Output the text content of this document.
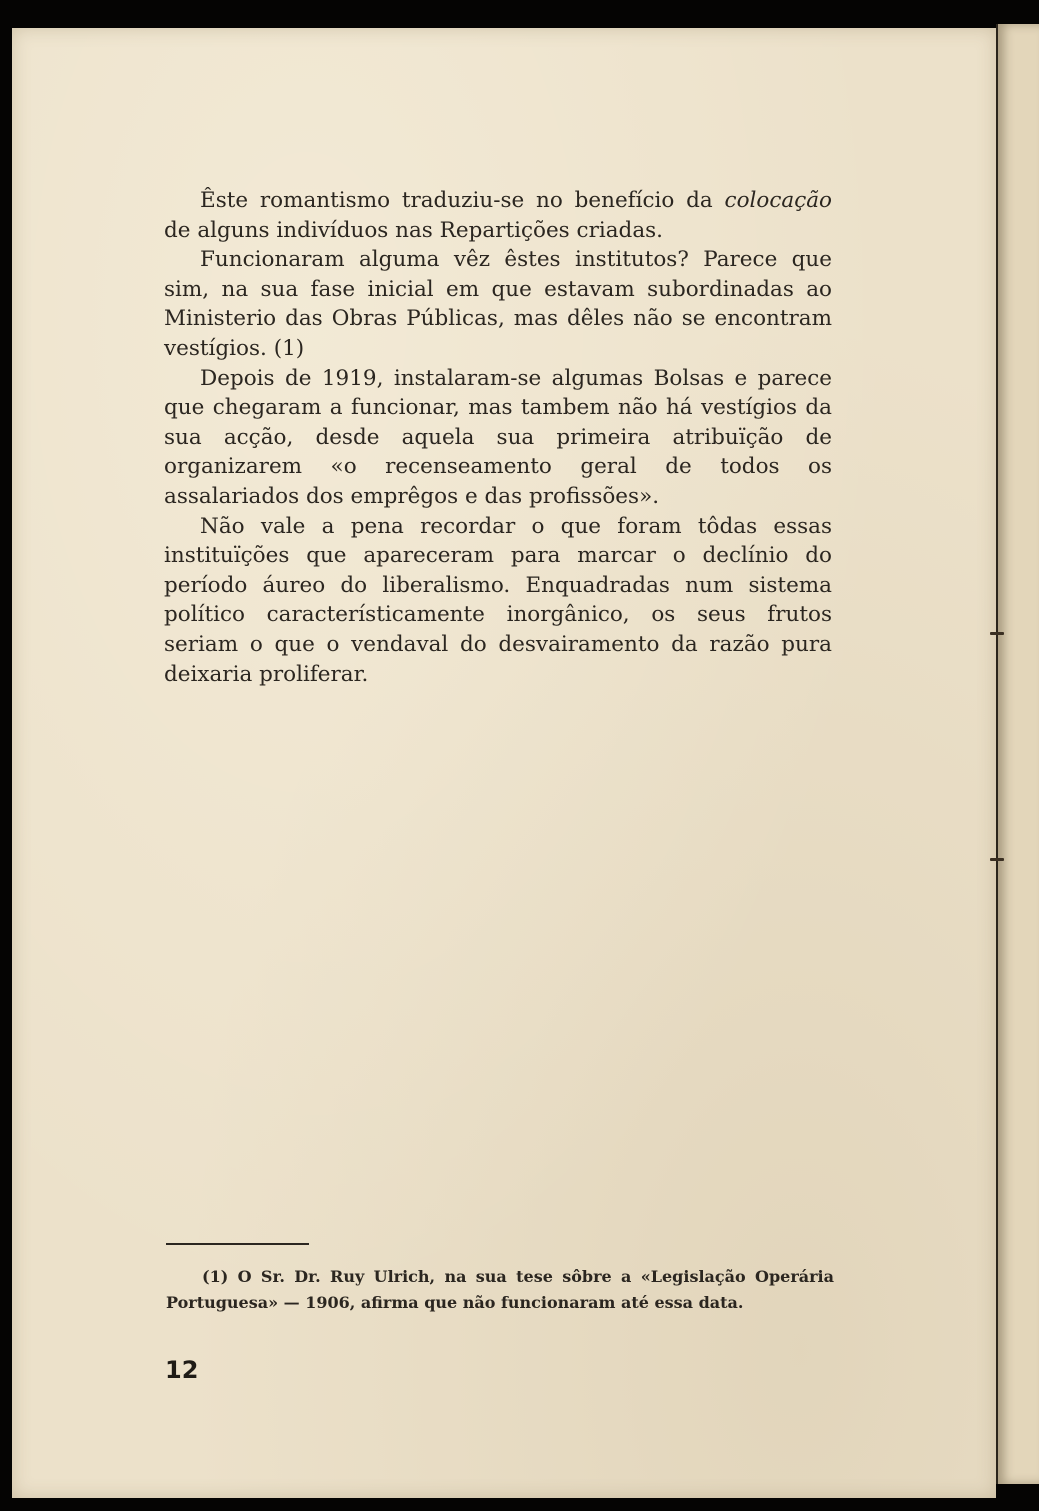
Êste romantismo traduziu-se no benefício da colocação de alguns indivíduos nas Repartições criadas.

Funcionaram alguma vêz êstes institutos? Parece que sim, na sua fase inicial em que estavam subordinadas ao Ministerio das Obras Públicas, mas dêles não se encontram vestígios. (1)

Depois de 1919, instalaram-se algumas Bolsas e parece que chegaram a funcionar, mas tambem não há vestígios da sua acção, desde aquela sua primeira atribuïção de organizarem «o recenseamento geral de todos os assalariados dos emprêgos e das profissões».

Não vale a pena recordar o que foram tôdas essas instituïções que apareceram para marcar o declínio do período áureo do liberalismo. Enquadradas num sistema político característicamente inorgânico, os seus frutos seriam o que o vendaval do desvairamento da razão pura deixaria proliferar.

(1) O Sr. Dr. Ruy Ulrich, na sua tese sôbre a «Legislação Operária Portuguesa» — 1906, afirma que não funcionaram até essa data.

12
